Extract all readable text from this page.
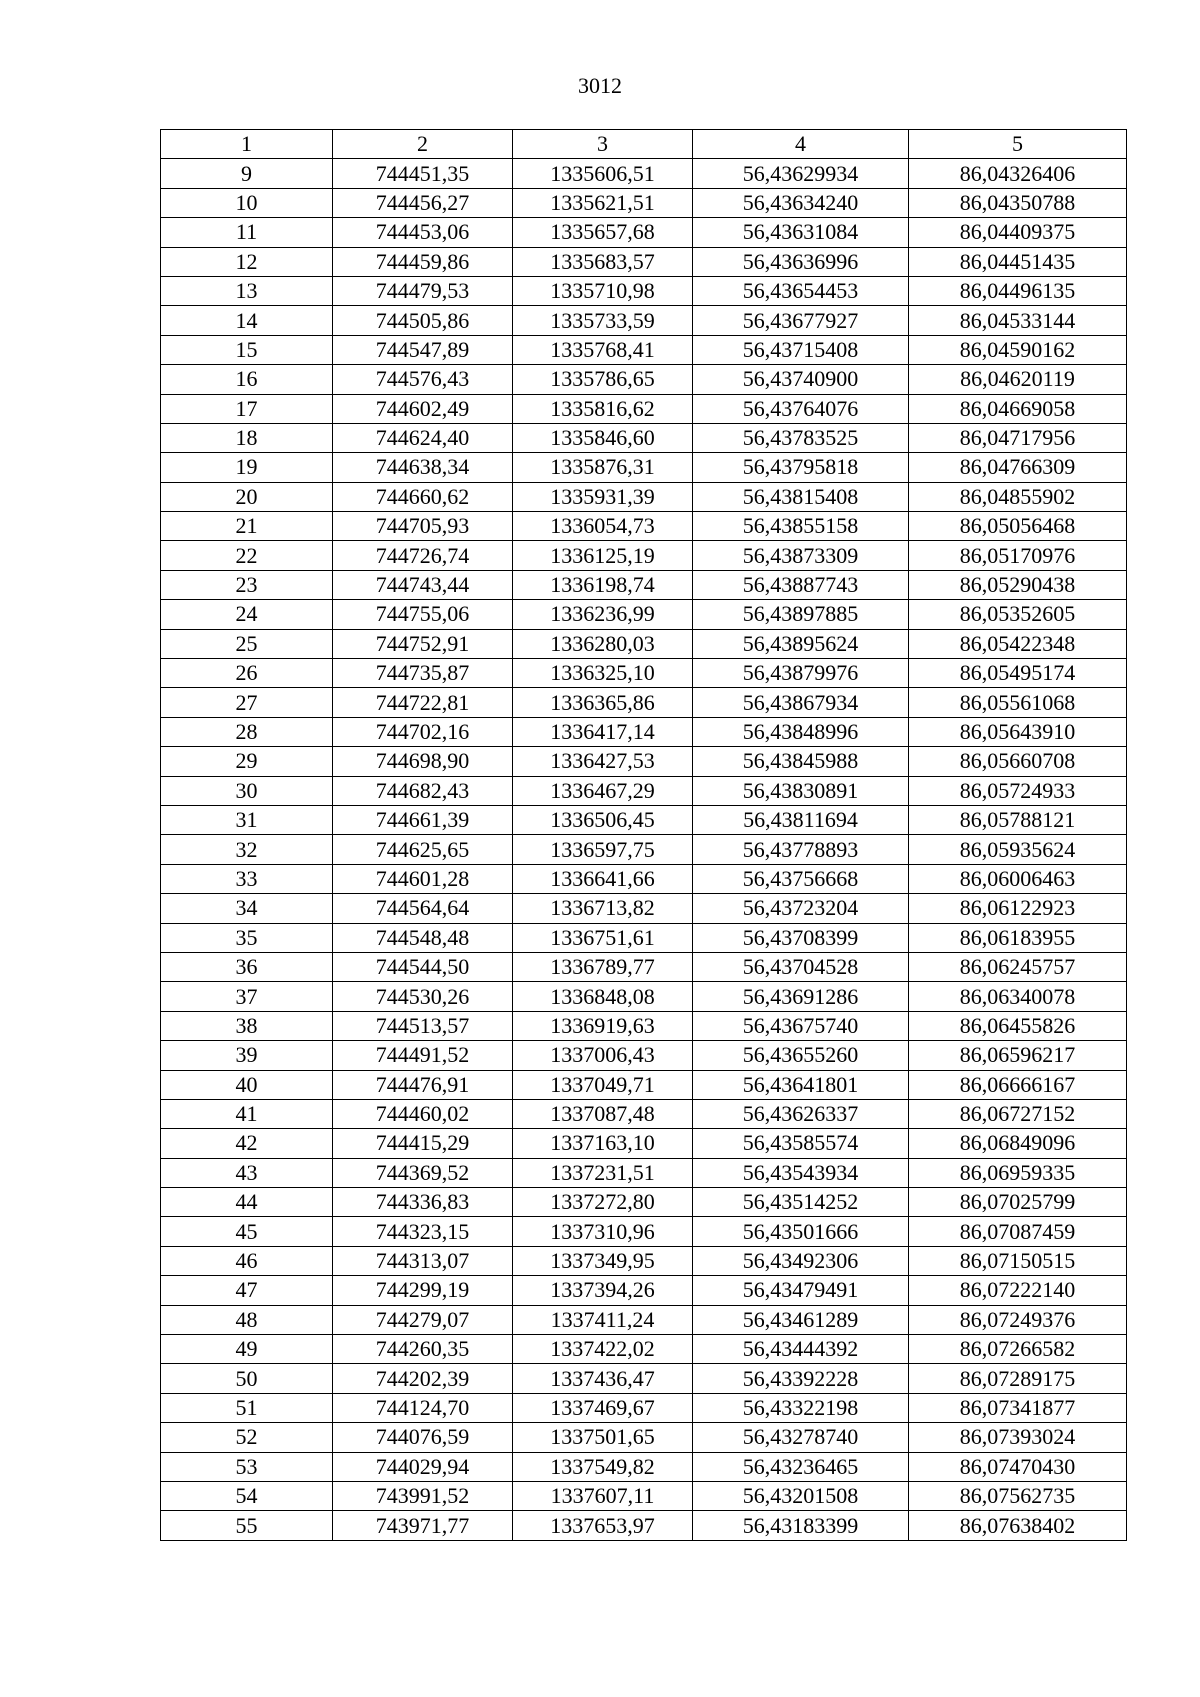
3012
1	2	3	4	5
9	744451,35	1335606,51	56,43629934	86,04326406
10	744456,27	1335621,51	56,43634240	86,04350788
11	744453,06	1335657,68	56,43631084	86,04409375
12	744459,86	1335683,57	56,43636996	86,04451435
13	744479,53	1335710,98	56,43654453	86,04496135
14	744505,86	1335733,59	56,43677927	86,04533144
15	744547,89	1335768,41	56,43715408	86,04590162
16	744576,43	1335786,65	56,43740900	86,04620119
17	744602,49	1335816,62	56,43764076	86,04669058
18	744624,40	1335846,60	56,43783525	86,04717956
19	744638,34	1335876,31	56,43795818	86,04766309
20	744660,62	1335931,39	56,43815408	86,04855902
21	744705,93	1336054,73	56,43855158	86,05056468
22	744726,74	1336125,19	56,43873309	86,05170976
23	744743,44	1336198,74	56,43887743	86,05290438
24	744755,06	1336236,99	56,43897885	86,05352605
25	744752,91	1336280,03	56,43895624	86,05422348
26	744735,87	1336325,10	56,43879976	86,05495174
27	744722,81	1336365,86	56,43867934	86,05561068
28	744702,16	1336417,14	56,43848996	86,05643910
29	744698,90	1336427,53	56,43845988	86,05660708
30	744682,43	1336467,29	56,43830891	86,05724933
31	744661,39	1336506,45	56,43811694	86,05788121
32	744625,65	1336597,75	56,43778893	86,05935624
33	744601,28	1336641,66	56,43756668	86,06006463
34	744564,64	1336713,82	56,43723204	86,06122923
35	744548,48	1336751,61	56,43708399	86,06183955
36	744544,50	1336789,77	56,43704528	86,06245757
37	744530,26	1336848,08	56,43691286	86,06340078
38	744513,57	1336919,63	56,43675740	86,06455826
39	744491,52	1337006,43	56,43655260	86,06596217
40	744476,91	1337049,71	56,43641801	86,06666167
41	744460,02	1337087,48	56,43626337	86,06727152
42	744415,29	1337163,10	56,43585574	86,06849096
43	744369,52	1337231,51	56,43543934	86,06959335
44	744336,83	1337272,80	56,43514252	86,07025799
45	744323,15	1337310,96	56,43501666	86,07087459
46	744313,07	1337349,95	56,43492306	86,07150515
47	744299,19	1337394,26	56,43479491	86,07222140
48	744279,07	1337411,24	56,43461289	86,07249376
49	744260,35	1337422,02	56,43444392	86,07266582
50	744202,39	1337436,47	56,43392228	86,07289175
51	744124,70	1337469,67	56,43322198	86,07341877
52	744076,59	1337501,65	56,43278740	86,07393024
53	744029,94	1337549,82	56,43236465	86,07470430
54	743991,52	1337607,11	56,43201508	86,07562735
55	743971,77	1337653,97	56,43183399	86,07638402
